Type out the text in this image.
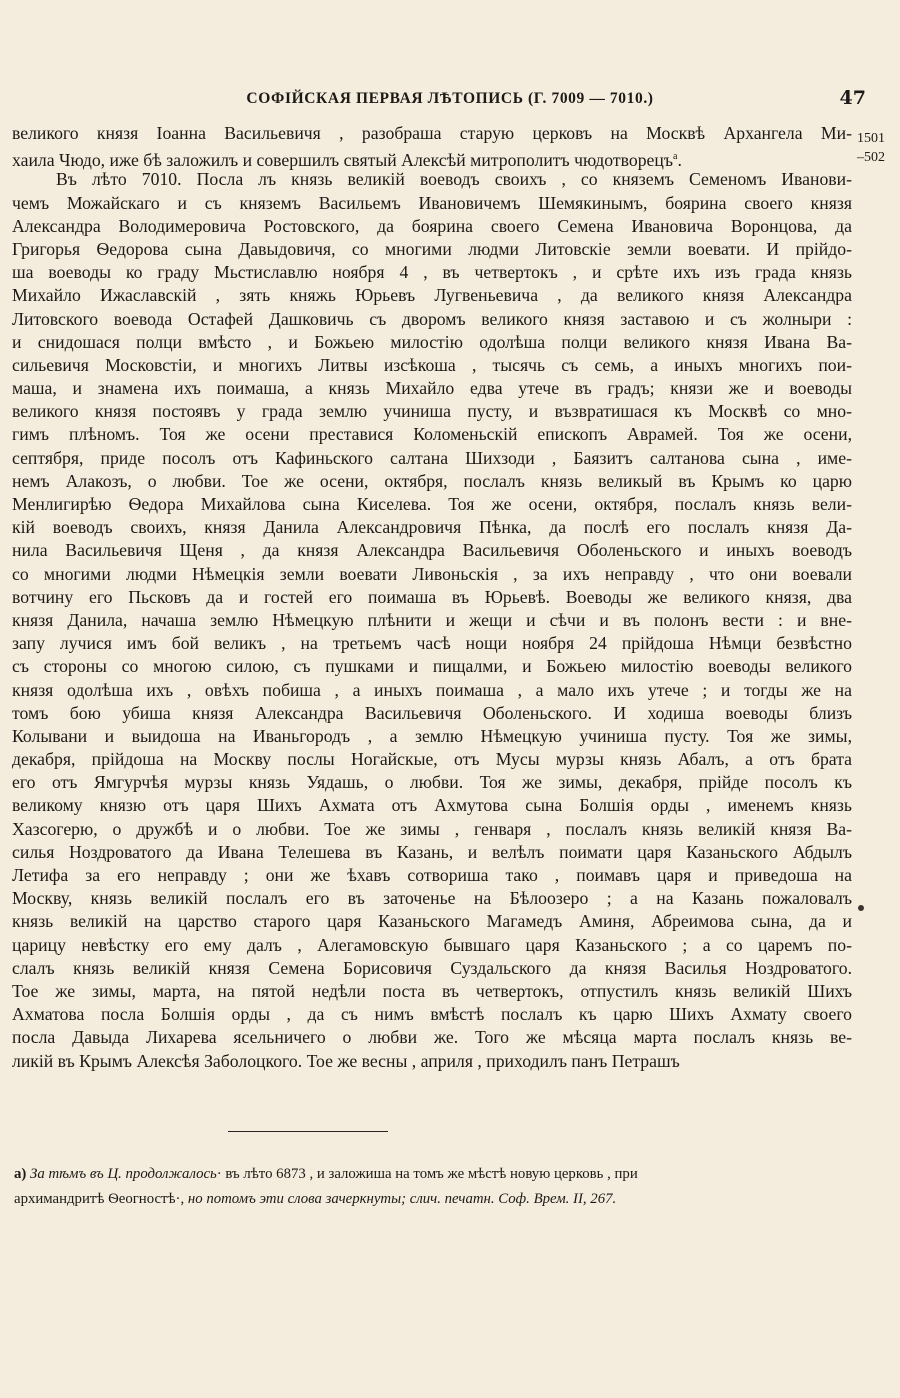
СОФІЙСКАЯ ПЕРВАЯ ЛѢТОПИСЬ (Г. 7009 — 7010.)	47
1501
–502
великого князя Іоанна Васильевичя , разобраша старую церковъ на Москвѣ Архангела Ми-
хаила Чюдо, иже бѣ заложилъ и совершилъ святый Алексѣй митрополитъ чюдотворецъ$^а$.
Въ лѣто 7010. Посла лъ князь великій воеводъ своихъ , со княземъ Семеномъ Иванови-
чемъ Можайскаго и съ княземъ Васильемъ Ивановичемъ Шемякинымъ, боярина своего князя
Александра Володимеровича Ростовского, да боярина своего Семена Ивановича Воронцова, да
Григорья Ѳедорова сына Давыдовичя, со многими людми Литовскіе земли воевати. И прійдо-
ша воеводы ко граду Мьстиславлю ноября 4 , въ четвертокъ , и срѣте ихъ изъ града князь
Михайло Ижаславскій , зять княжь Юрьевъ Лугвеньевича , да великого князя Александра
Литовского воевода Остафей Дашковичь съ дворомъ великого князя заставою и съ жолныри :
и снидошася полци вмѣсто , и Божьею милостію одолѣша полци великого князя Ивана Ва-
сильевичя Московстіи, и многихъ Литвы изсѣкоша , тысячь съ семь, а иныхъ многихъ пои-
маша, и знамена ихъ поимаша, а князь Михайло едва утече въ градъ; князи же и воеводы
великого князя постоявъ у града землю учиниша пусту, и възвратишася къ Москвѣ со мно-
гимъ плѣномъ. Тоя же осени преставися Коломеньскій епископъ Аврамей. Тоя же осени,
септября, приде посолъ отъ Кафиньского салтана Шихзоди , Баязитъ салтанова сына , име-
немъ Алакозъ, о любви. Тое же осени, октября, послалъ князь великый въ Крымъ ко царю
Менлигирѣю Ѳедора Михайлова сына Киселева. Тоя же осени, октября, послалъ князь вели-
кій воеводъ своихъ, князя Данила Александровичя Пѣнка, да послѣ его послалъ князя Да-
нила Васильевичя Щеня , да князя Александра Васильевичя Оболеньского и иныхъ воеводъ
со многими людми Нѣмецкія земли воевати Ливоньскія , за ихъ неправду , что они воевали
вотчину его Пьсковъ да и гостей его поимаша въ Юрьевѣ. Воеводы же великого князя, два
князя Данила, начаша землю Нѣмецкую плѣнити и жещи и сѣчи и въ полонъ вести : и вне-
запу лучися имъ бой великъ , на третьемъ часѣ нощи ноября 24 прійдоша Нѣмци безвѣстно
съ стороны со многою силою, съ пушками и пищалми, и Божьею милостію воеводы великого
князя одолѣша ихъ , овѣхъ побиша , а иныхъ поимаша , а мало ихъ утече ; и тогды же на
томъ бою убиша князя Александра Васильевичя Оболеньского. И ходиша воеводы близъ
Колывани и выидоша на Иваньгородъ , а землю Нѣмецкую учиниша пусту. Тоя же зимы,
декабря, прійдоша на Москву послы Ногайскые, отъ Мусы мурзы князь Абалъ, а отъ брата
его отъ Ямгурчѣя мурзы князь Уядашь, о любви. Тоя же зимы, декабря, прійде посолъ къ
великому князю отъ царя Шихъ Ахмата отъ Ахмутова сына Болшія орды , именемъ князь
Хазсогерю, о дружбѣ и о любви. Тое же зимы , генваря , послалъ князь великій князя Ва-
силья Ноздроватого да Ивана Телешева въ Казань, и велѣлъ поимати царя Казаньского Абдылъ
Летифа за его неправду ; они же ѣхавъ сотвориша тако , поимавъ царя и приведоша на
Москву, князь великій послалъ его въ заточенье на Бѣлоозеро ; а на Казань пожаловалъ
князь великій на царство старого царя Казаньского Магамедъ Аминя, Абреимова сына, да и
царицу невѣстку его ему далъ , Алегамовскую бывшаго царя Казаньского ; а со царемъ по-
слалъ князь великій князя Семена Борисовичя Суздальского да князя Василья Ноздроватого.
Тое же зимы, марта, на пятой недѣли поста въ четвертокъ, отпустилъ князь великій Шихъ
Ахматова посла Болшія орды , да съ нимъ вмѣстѣ послалъ къ царю Шихъ Ахмату своего
посла Давыда Лихарева ясельничего о любви же. Того же мѣсяца марта послалъ князь ве-
ликій въ Крымъ Алексѣя Заболоцкого. Тое же весны , априля , приходилъ панъ Петрашъ
а) За тѣмъ въ Ц. продолжалось· въ лѣто 6873 , и заложиша на томъ же мѣстѣ новую церковь , при
архимандритѣ Ѳеогностѣ·, но потомъ эти слова зачеркнуты; слич. печатн. Соф. Врем. II, 267.
